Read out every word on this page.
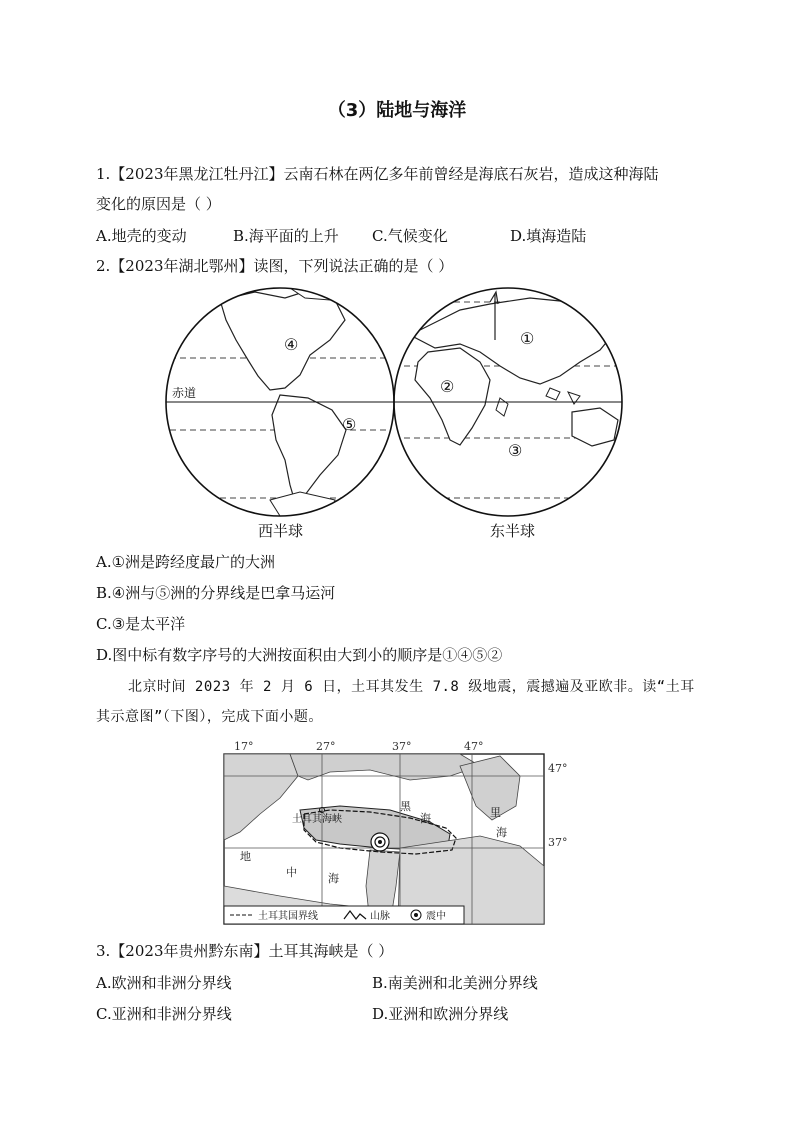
（3）陆地与海洋
1.【2023年黑龙江牡丹江】云南石林在两亿多年前曾经是海底石灰岩，造成这种海陆
变化的原因是（ ）
A.地壳的变动	B.海平面的上升 C.气候变化	D.填海造陆
2.【2023年湖北鄂州】读图，下列说法正确的是（ ）
赤道
①
②
③
④
⑤
西半球	东半球
A.①洲是跨经度最广的大洲
B.④洲与⑤洲的分界线是巴拿马运河
C.③是太平洋
D.图中标有数字序号的大洲按面积由大到小的顺序是①④⑤②
北京时间 2023 年 2 月 6 日，土耳其发生 7.8 级地震，震撼遍及亚欧非。读“土耳
其示意图”（下图），完成下面小题。
17°	27°	37°	47°
47°
37°
黑
海
地
中	海
里
海
土耳其海峡
土耳其国界线	山脉	震中
3.【2023年贵州黔东南】土耳其海峡是（ ）
A.欧洲和非洲分界线	B.南美洲和北美洲分界线
C.亚洲和非洲分界线	D.亚洲和欧洲分界线
